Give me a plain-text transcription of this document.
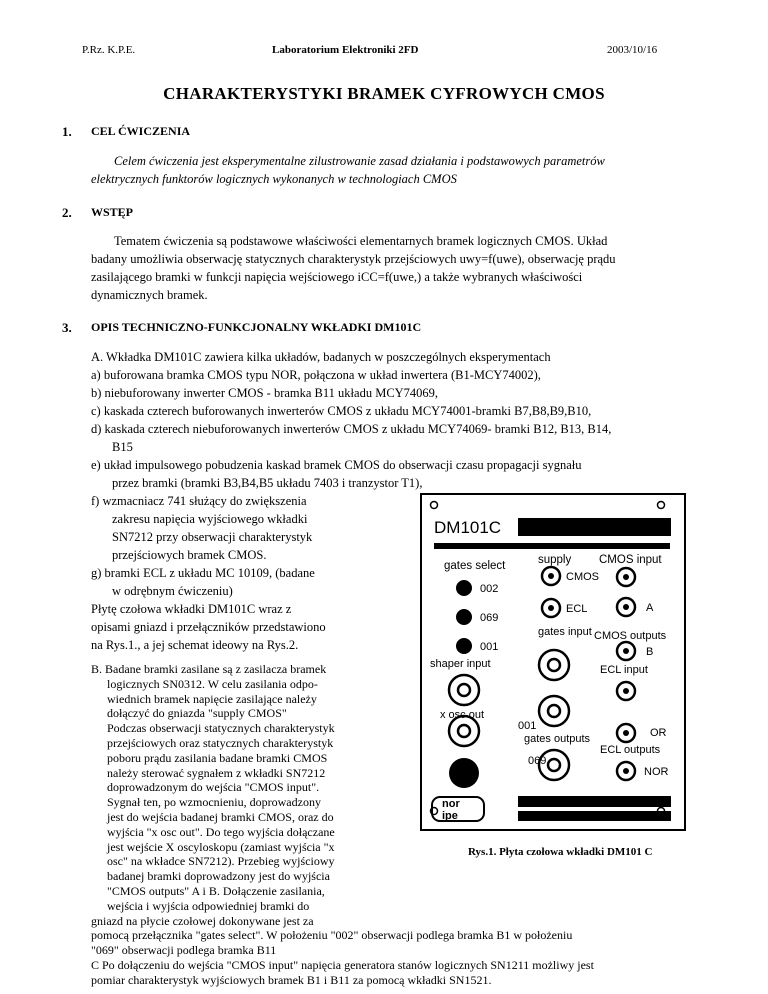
P.Rz. K.P.E.	Laboratorium Elektroniki 2FD	2003/10/16
CHARAKTERYSTYKI BRAMEK CYFROWYCH CMOS
1. CEL ĆWICZENIA
Celem ćwiczenia jest eksperymentalne zilustrowanie zasad działania i podstawowych parametrów
elektrycznych funktorów logicznych wykonanych w technologiach CMOS
2. WSTĘP
Tematem ćwiczenia są podstawowe właściwości elementarnych bramek logicznych CMOS. Układ
badany umożliwia obserwację statycznych charakterystyk przejściowych uwy=f(uwe), obserwację prądu
zasilającego bramki w funkcji napięcia wejściowego iCC=f(uwe,) a także wybranych właściwości
dynamicznych bramek.
3. OPIS TECHNICZNO-FUNKCJONALNY WKŁADKI DM101C
A. Wkładka DM101C zawiera kilka układów, badanych w poszczególnych eksperymentach
a) buforowana bramka CMOS typu NOR, połączona w układ inwertera (B1-MCY74002),
b) niebuforowany inwerter CMOS - bramka B11 układu MCY74069,
c) kaskada czterech buforowanych inwerterów CMOS z układu MCY74001-bramki B7,B8,B9,B10,
d) kaskada czterech niebuforowanych inwerterów CMOS z układu MCY74069- bramki B12, B13, B14,
B15
e) układ impulsowego pobudzenia kaskad bramek CMOS do obserwacji czasu propagacji sygnału
przez bramki (bramki B3,B4,B5 układu 7403 i tranzystor T1),
f) wzmacniacz 741 służący do zwiększenia
zakresu napięcia wyjściowego wkładki
SN7212 przy obserwacji charakterystyk
przejściowych bramek CMOS.
g) bramki ECL z układu MC 10109, (badane
w odrębnym ćwiczeniu)
Płytę czołowa wkładki DM101C wraz z
opisami gniazd i przełączników przedstawiono
na Rys.1., a jej schemat ideowy na Rys.2.
B. Badane bramki zasilane są z zasilacza bramek
logicznych SN0312. W celu zasilania odpo-
wiednich bramek napięcie zasilające należy
dołączyć do gniazda "supply CMOS"
Podczas obserwacji statycznych charakterystyk
przejściowych oraz statycznych charakterystyk
poboru prądu zasilania badane bramki CMOS
należy sterować sygnałem z wkładki SN7212
doprowadzonym do wejścia "CMOS input".
Sygnał ten, po wzmocnieniu, doprowadzony
jest do wejścia badanej bramki CMOS, oraz do
wyjścia "x osc out". Do tego wyjścia dołączane
jest wejście X oscyloskopu (zamiast wyjścia "x
osc" na wkładce SN7212). Przebieg wyjściowy
badanej bramki doprowadzony jest do wyjścia
"CMOS outputs" A i B. Dołączenie zasilania,
wejścia i wyjścia odpowiedniej bramki do
gniazd na płycie czołowej dokonywane jest za
DM101C
gates select
002
069
001
supply CMOS input
CMOS
ECL	A
gates input CMOS outputs
B
shaper input	ECL input
x osc out
001
gates outputs	OR
069
ECL outputs
NOR
nor
ipe
Rys.1. Płyta czołowa wkładki DM101 C
pomocą przełącznika "gates select". W położeniu "002" obserwacji podlega bramka B1 w położeniu
"069" obserwacji podlega bramka B11
C Po dołączeniu do wejścia "CMOS input" napięcia generatora stanów logicznych SN1211 możliwy jest
pomiar charakterystyk wyjściowych bramek B1 i B11 za pomocą wkładki SN1521.
